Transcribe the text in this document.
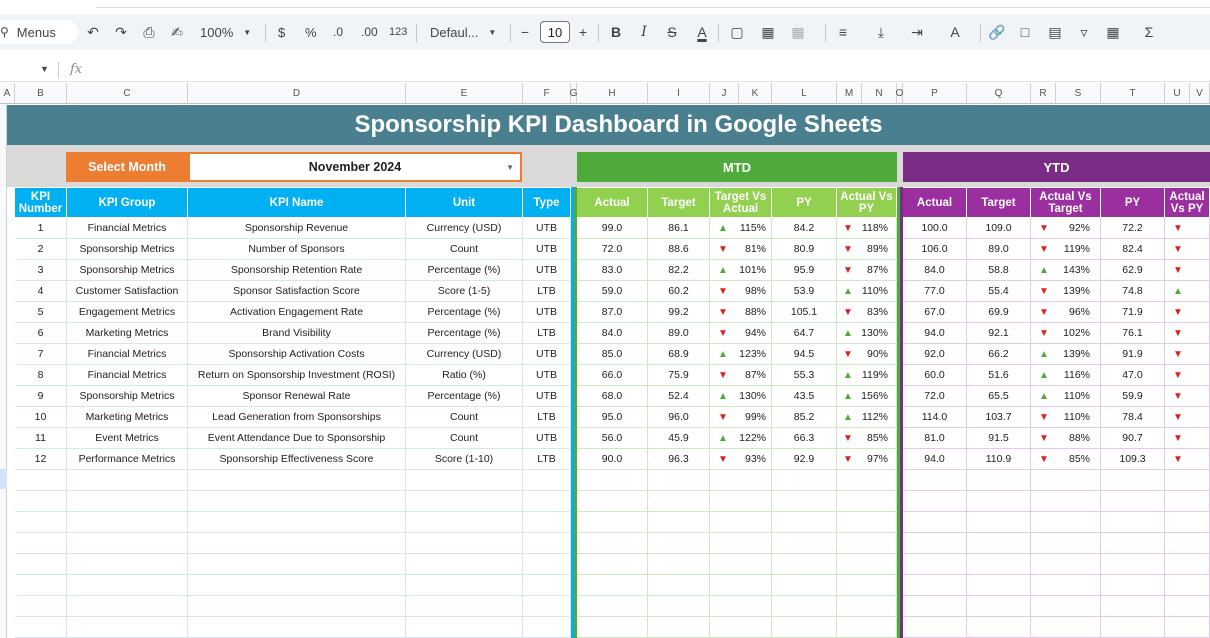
⚲ Menus	↶	↷	⎙	✍	100% ▼ $ % .0 .00 123 Defaul... ▼	−	10	+	B	I	S	A	▢	▦	▦	≡	⤓	⇥	A	🔗	□	▤	▿	▦	Σ
▼ fx
A	B	C	D	E	F	G	H	I	J	K	L	M	N	O	P	Q	R	S	T	U	V
Sponsorship KPI Dashboard in Google Sheets
Select Month	November 2024	▼	MTD	YTD
KPI Number	KPI Group	KPI Name	Unit	Type	Actual	Target	Target Vs Actual	PY	Actual Vs PY	Actual	Target	Actual Vs Target	PY	Actual Vs PY
1	Financial Metrics	Sponsorship Revenue	Currency (USD)	UTB	99.0	86.1	▲ 115%	84.2	▼ 118%	100.0	109.0	▼ 92%	72.2	▼
2	Sponsorship Metrics	Number of Sponsors	Count	UTB	72.0	88.6	▼ 81%	80.9	▼ 89%	106.0	89.0	▼ 119%	82.4	▼
3	Sponsorship Metrics	Sponsorship Retention Rate	Percentage (%)	UTB	83.0	82.2	▲ 101%	95.9	▼ 87%	84.0	58.8	▲ 143%	62.9	▼
4	Customer Satisfaction	Sponsor Satisfaction Score	Score (1-5)	LTB	59.0	60.2	▼ 98%	53.9	▲ 110%	77.0	55.4	▼ 139%	74.8	▲
5	Engagement Metrics	Activation Engagement Rate	Percentage (%)	UTB	87.0	99.2	▼ 88%	105.1	▼ 83%	67.0	69.9	▼ 96%	71.9	▼
6	Marketing Metrics	Brand Visibility	Percentage (%)	LTB	84.0	89.0	▼ 94%	64.7	▲ 130%	94.0	92.1	▼ 102%	76.1	▼
7	Financial Metrics	Sponsorship Activation Costs	Currency (USD)	UTB	85.0	68.9	▲ 123%	94.5	▼ 90%	92.0	66.2	▲ 139%	91.9	▼
8	Financial Metrics	Return on Sponsorship Investment (ROSI)	Ratio (%)	UTB	66.0	75.9	▼ 87%	55.3	▲ 119%	60.0	51.6	▲ 116%	47.0	▼
9	Sponsorship Metrics	Sponsor Renewal Rate	Percentage (%)	UTB	68.0	52.4	▲ 130%	43.5	▲ 156%	72.0	65.5	▲ 110%	59.9	▼
10	Marketing Metrics	Lead Generation from Sponsorships	Count	LTB	95.0	96.0	▼ 99%	85.2	▲ 112%	114.0	103.7	▼ 110%	78.4	▼
11	Event Metrics	Event Attendance Due to Sponsorship	Count	UTB	56.0	45.9	▲ 122%	66.3	▼ 85%	81.0	91.5	▼ 88%	90.7	▼
12	Performance Metrics	Sponsorship Effectiveness Score	Score (1-10)	LTB	90.0	96.3	▼ 93%	92.9	▼ 97%	94.0	110.9	▼ 85%	109.3	▼
